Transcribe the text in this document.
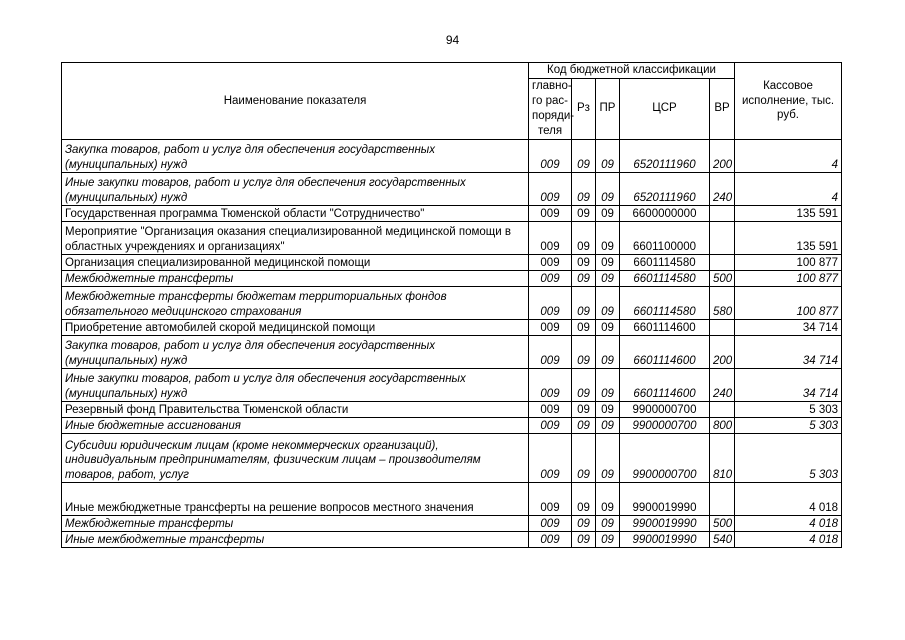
94
Наименование показателя	Код бюджетной классификации					Кассовое исполнение, тыс. руб.
	главно-го рас-поряди-теля	Рз	ПР	ЦСР	ВР	
Закупка товаров, работ и услуг для обеспечения государственных (муниципальных) нужд	009	09	09	6520111960	200	4
Иные закупки товаров, работ и услуг для обеспечения государственных (муниципальных) нужд	009	09	09	6520111960	240	4
Государственная программа Тюменской области "Сотрудничество"	009	09	09	6600000000		135 591
Мероприятие "Организация оказания специализированной медицинской помощи в областных учреждениях и организациях"	009	09	09	6601100000		135 591
Организация специализированной медицинской помощи	009	09	09	6601114580		100 877
Межбюджетные трансферты	009	09	09	6601114580	500	100 877
Межбюджетные трансферты бюджетам территориальных фондов обязательного медицинского страхования	009	09	09	6601114580	580	100 877
Приобретение автомобилей скорой медицинской помощи	009	09	09	6601114600		34 714
Закупка товаров, работ и услуг для обеспечения государственных (муниципальных) нужд	009	09	09	6601114600	200	34 714
Иные закупки товаров, работ и услуг для обеспечения государственных (муниципальных) нужд	009	09	09	6601114600	240	34 714
Резервный фонд Правительства Тюменской области	009	09	09	9900000700		5 303
Иные бюджетные ассигнования	009	09	09	9900000700	800	5 303
Субсидии юридическим лицам (кроме некоммерческих организаций), индивидуальным предпринимателям, физическим лицам – производителям товаров, работ, услуг	009	09	09	9900000700	810	5 303
Иные межбюджетные трансферты на решение вопросов местного значения	009	09	09	9900019990		4 018
Межбюджетные трансферты	009	09	09	9900019990	500	4 018
Иные межбюджетные трансферты	009	09	09	9900019990	540	4 018
